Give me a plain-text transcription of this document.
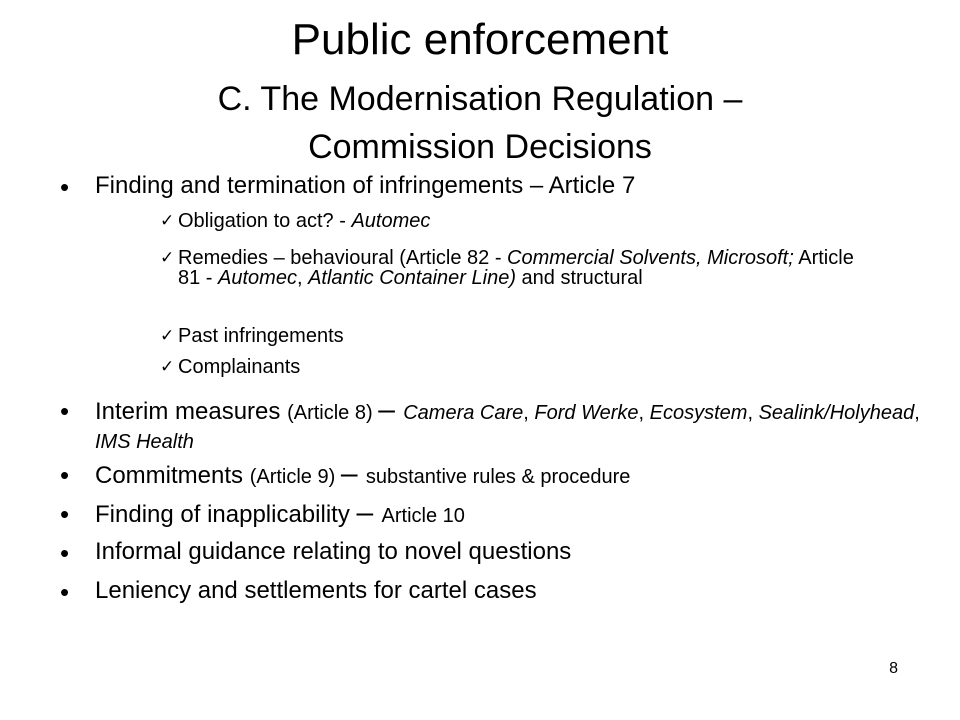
Public enforcement
C. The Modernisation Regulation –
Commission Decisions
• Finding and termination of infringements – Article 7
✓ Obligation to act? - Automec
✓ Remedies – behavioural (Article 82 - Commercial Solvents, Microsoft; Article 81 - Automec, Atlantic Container Line) and structural
✓ Past infringements
✓ Complainants
• Interim measures (Article 8) – Camera Care, Ford Werke, Ecosystem, Sealink/Holyhead, IMS Health
• Commitments (Article 9) – substantive rules & procedure
• Finding of inapplicability – Article 10
• Informal guidance relating to novel questions
• Leniency and settlements for cartel cases
8
